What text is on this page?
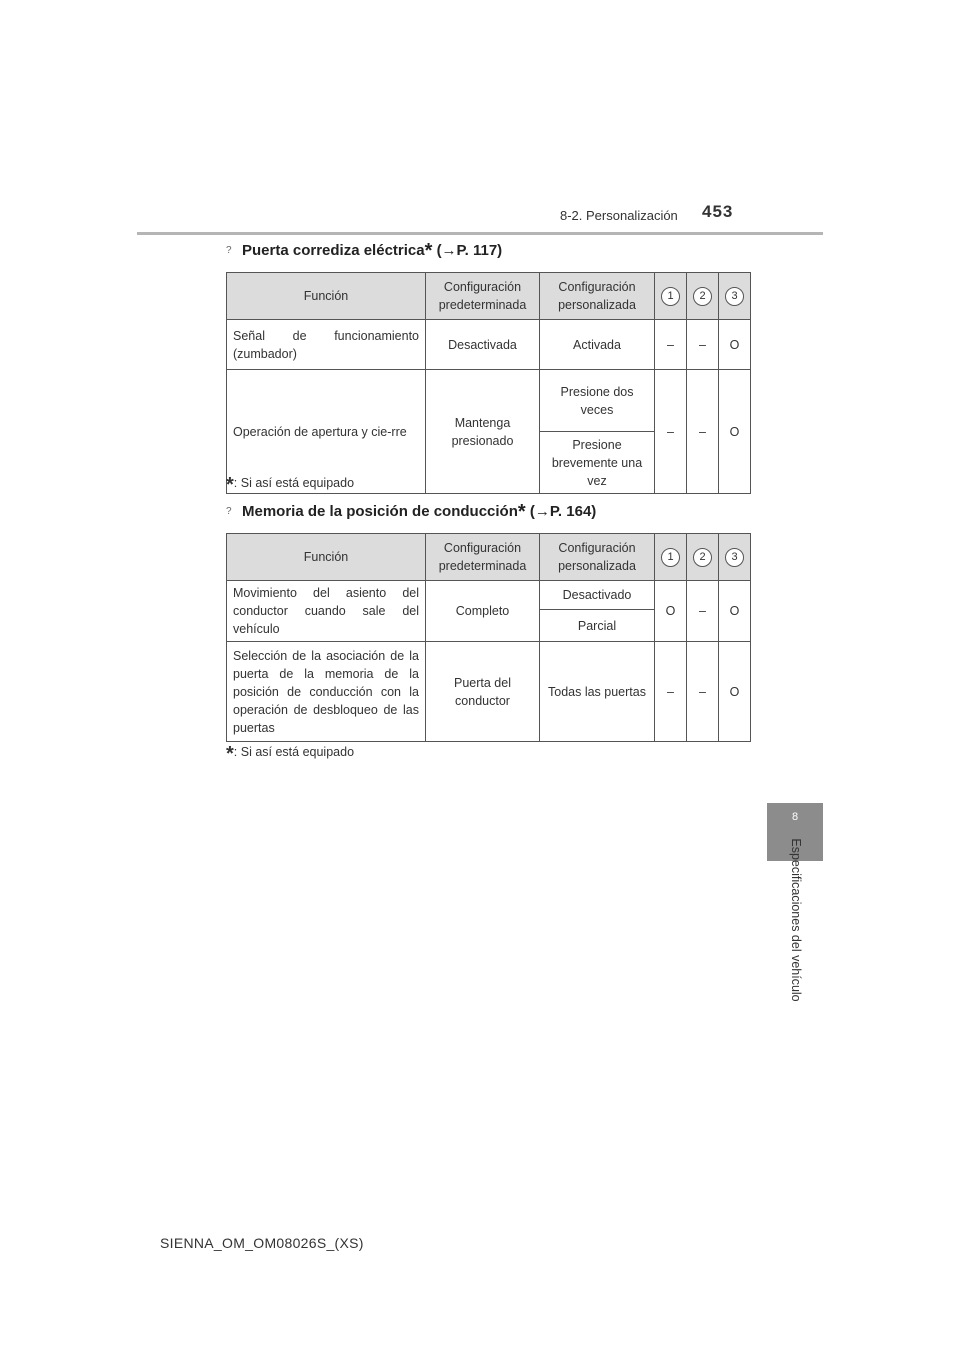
8-2. Personalización 453
8
Especificaciones del vehículo
? Puerta corrediza eléctrica* (→P. 117)
Función	Configuración predeterminada	Configuración personalizada	1	2	3
Señal de funcionamiento (zumbador)	Desactivada	Activada	–	–	O
Operación de apertura y cie-rre	Mantenga presionado	Presione dos veces	–	–	O
		Presione brevemente una vez			
*: Si así está equipado
? Memoria de la posición de conducción* (→P. 164)
Función	Configuración predeterminada	Configuración personalizada	1	2	3
Movimiento del asiento del conductor cuando sale del vehículo	Completo	Desactivado	O	–	O
		Parcial			
Selección de la asociación de la puerta de la memoria de la posición de conducción con la operación de desbloqueo de las puertas	Puerta del conductor	Todas las puertas	–	–	O
*: Si así está equipado
SIENNA_OM_OM08026S_(XS)
